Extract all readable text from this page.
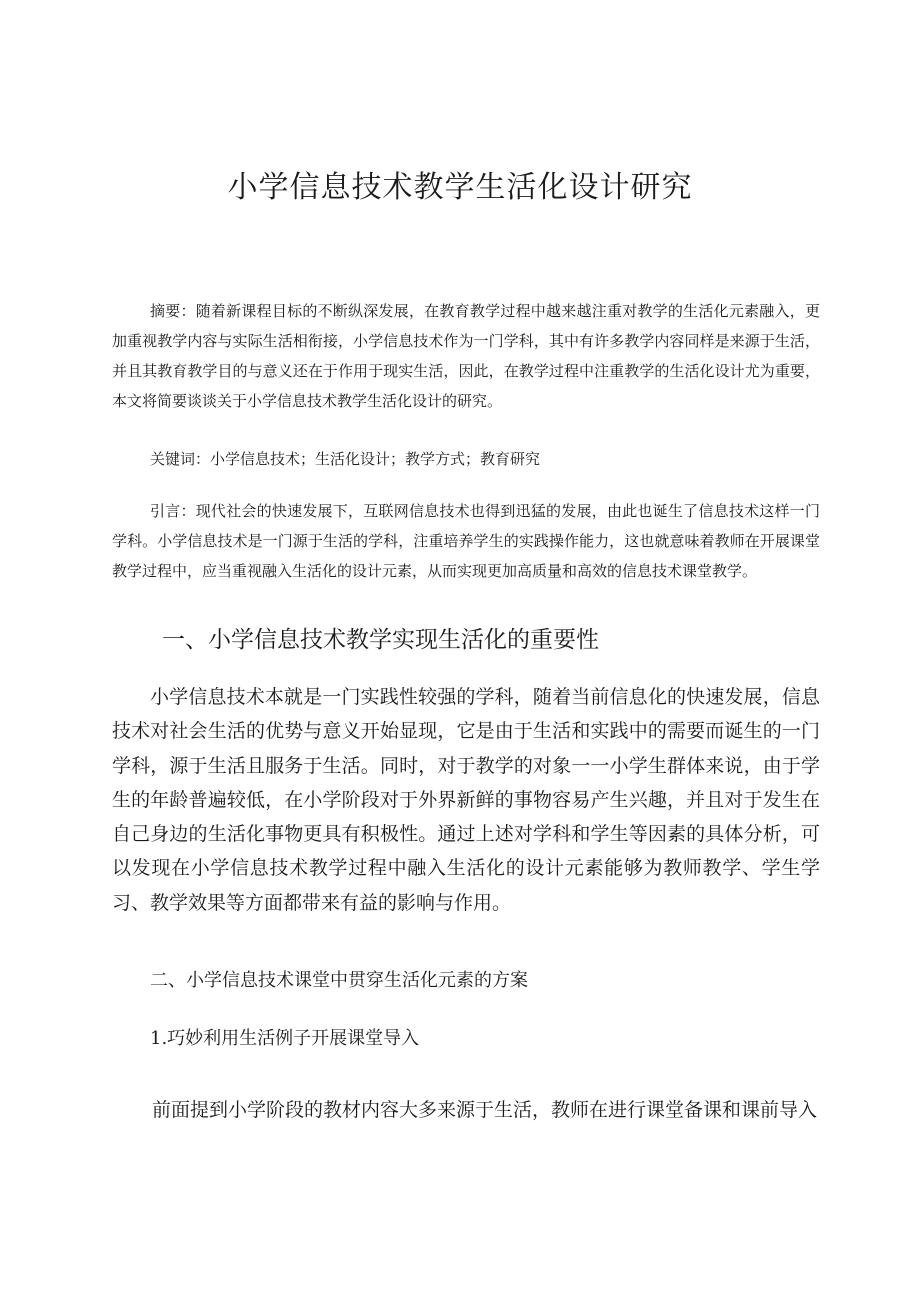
小学信息技术教学生活化设计研究

摘要：随着新课程目标的不断纵深发展，在教育教学过程中越来越注重对教学的生活化元素融入，更加重视教学内容与实际生活相衔接，小学信息技术作为一门学科，其中有许多教学内容同样是来源于生活，并且其教育教学目的与意义还在于作用于现实生活，因此，在教学过程中注重教学的生活化设计尤为重要，本文将简要谈谈关于小学信息技术教学生活化设计的研究。

关键词：小学信息技术；生活化设计；教学方式；教育研究

引言：现代社会的快速发展下，互联网信息技术也得到迅猛的发展，由此也诞生了信息技术这样一门学科。小学信息技术是一门源于生活的学科，注重培养学生的实践操作能力，这也就意味着教师在开展课堂教学过程中，应当重视融入生活化的设计元素，从而实现更加高质量和高效的信息技术课堂教学。

一、小学信息技术教学实现生活化的重要性

小学信息技术本就是一门实践性较强的学科，随着当前信息化的快速发展，信息技术对社会生活的优势与意义开始显现，它是由于生活和实践中的需要而诞生的一门学科，源于生活且服务于生活。同时，对于教学的对象一一小学生群体来说，由于学生的年龄普遍较低，在小学阶段对于外界新鲜的事物容易产生兴趣，并且对于发生在自己身边的生活化事物更具有积极性。通过上述对学科和学生等因素的具体分析，可以发现在小学信息技术教学过程中融入生活化的设计元素能够为教师教学、学生学习、教学效果等方面都带来有益的影响与作用。

二、小学信息技术课堂中贯穿生活化元素的方案
1.巧妙利用生活例子开展课堂导入

前面提到小学阶段的教材内容大多来源于生活，教师在进行课堂备课和课前导入
